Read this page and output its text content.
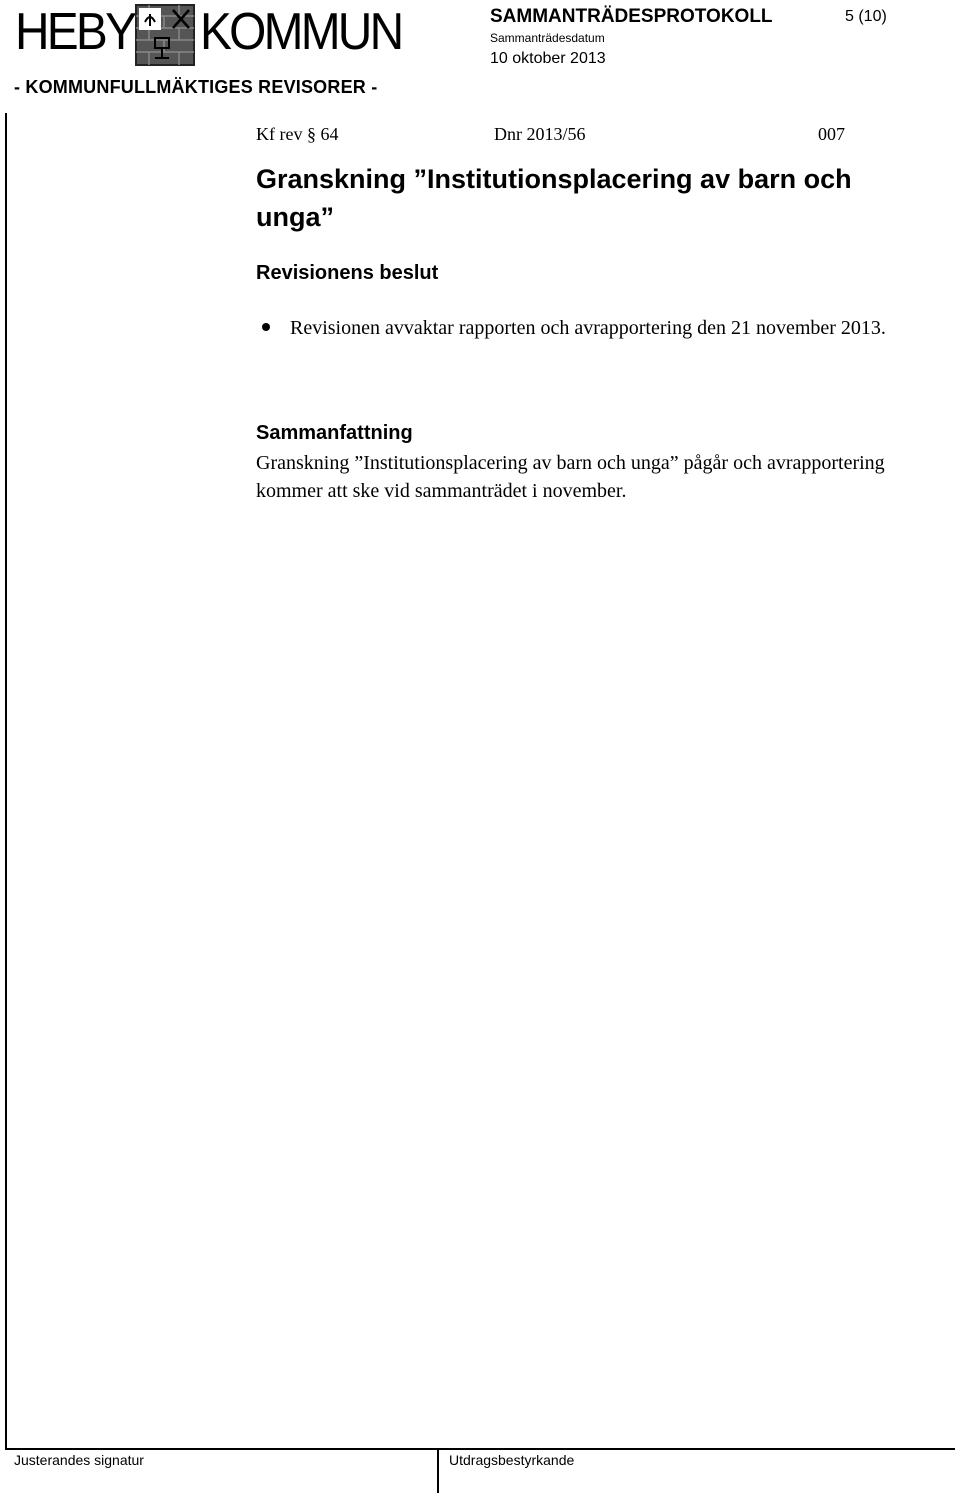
HEBY KOMMUN
- KOMMUNFULLMÄKTIGES REVISORER -
SAMMANTRÄDESPROTOKOLL	5 (10)
Sammanträdesdatum
10 oktober 2013
Kf rev § 64	Dnr 2013/56	007
Granskning ”Institutionsplacering av barn och unga”
Revisionens beslut
Revisionen avvaktar rapporten och avrapportering den 21 november 2013.
Sammanfattning
Granskning ”Institutionsplacering av barn och unga” pågår och avrapportering kommer att ske vid sammanträdet i november.
Justerandes signatur	Utdragsbestyrkande
